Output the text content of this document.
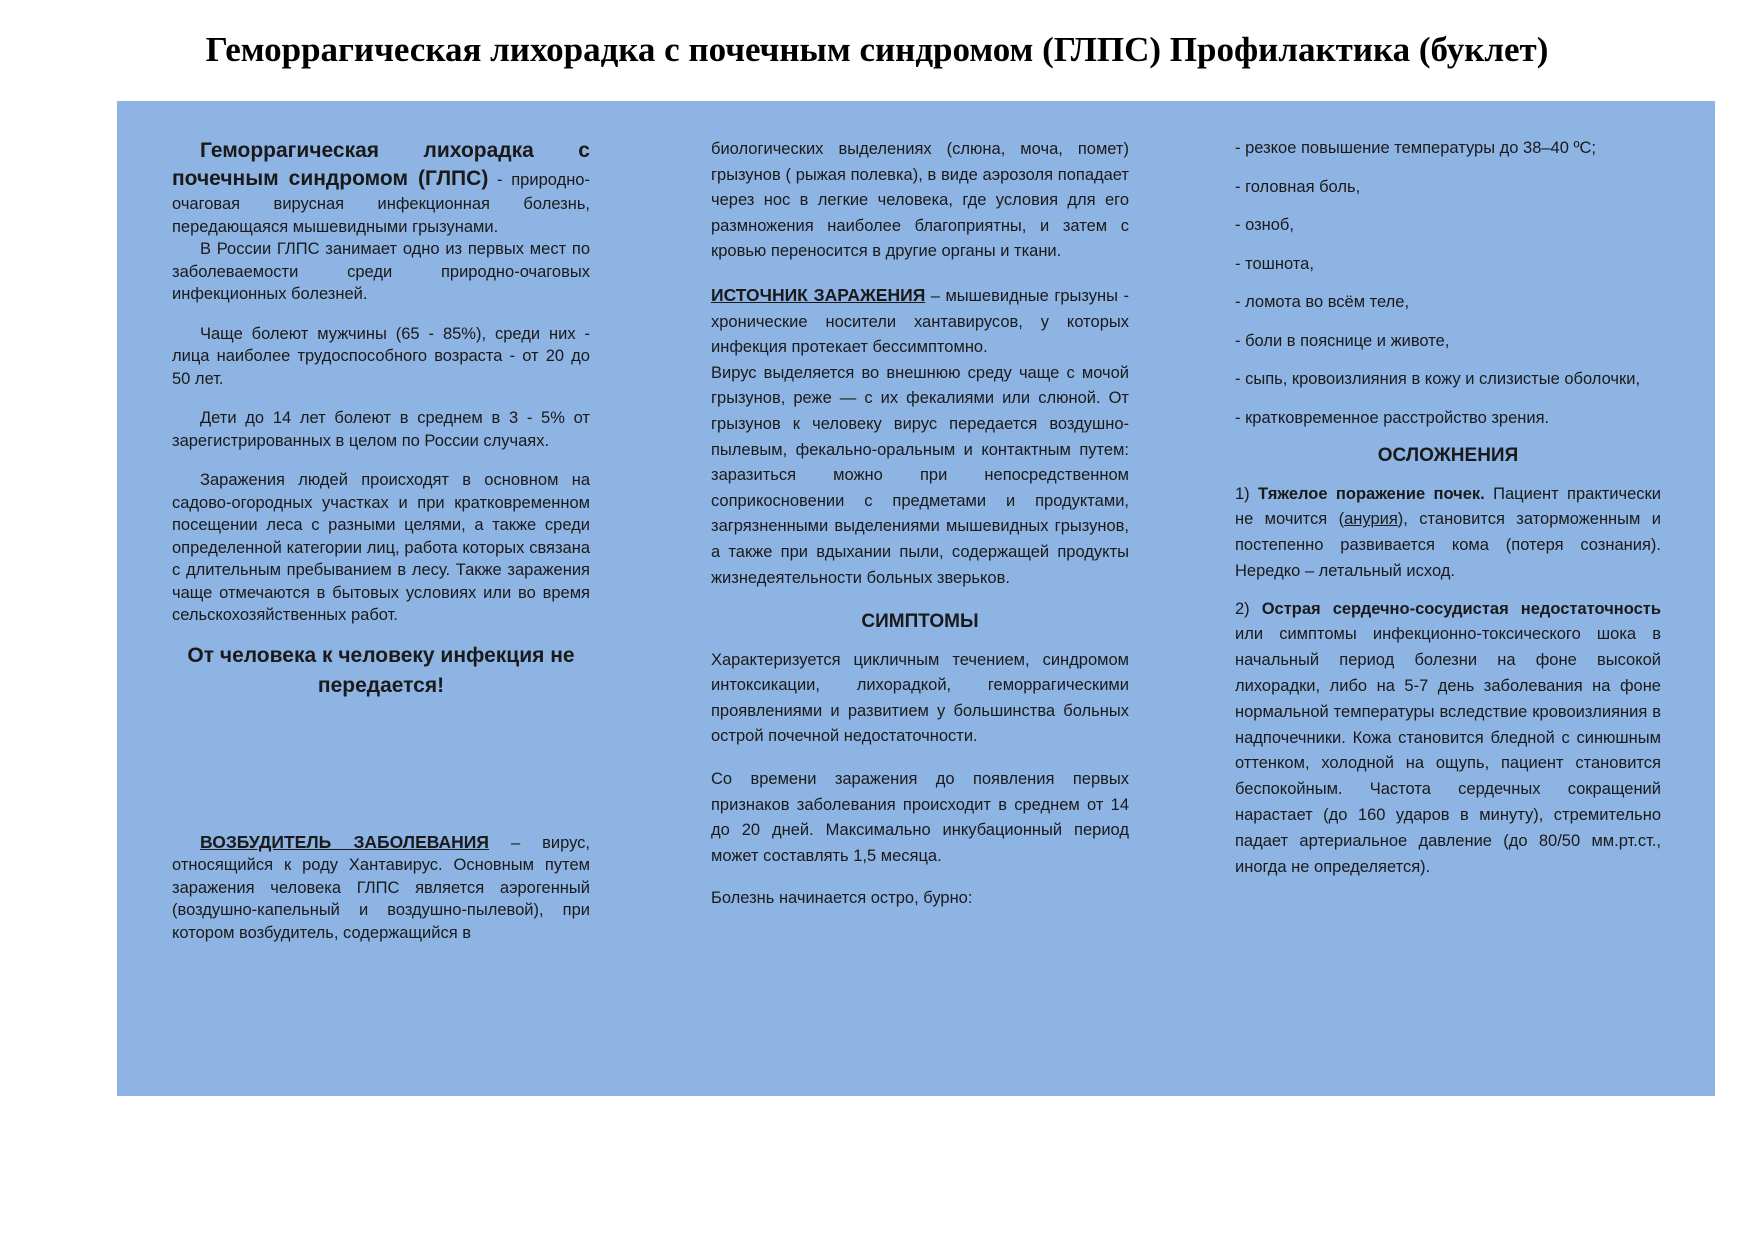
Геморрагическая лихорадка с почечным синдромом (ГЛПС) Профилактика (буклет)

Геморрагическая лихорадка с почечным синдромом (ГЛПС) - природно-очаговая вирусная инфекционная болезнь, передающаяся мышевидными грызунами.

В России ГЛПС занимает одно из первых мест по заболеваемости среди природно-очаговых инфекционных болезней.

Чаще болеют мужчины (65 - 85%), среди них - лица наиболее трудоспособного возраста - от 20 до 50 лет.

Дети до 14 лет болеют в среднем в 3 - 5% от зарегистрированных в целом по России случаях.

Заражения людей происходят в основном на садово-огородных участках и при кратковременном посещении леса с разными целями, а также среди определенной категории лиц, работа которых связана с длительным пребыванием в лесу. Также заражения чаще отмечаются в бытовых условиях или во время сельскохозяйственных работ.

От человека к человеку инфекция не передается!

ВОЗБУДИТЕЛЬ ЗАБОЛЕВАНИЯ – вирус, относящийся к роду Хантавирус. Основным путем заражения человека ГЛПС является аэрогенный (воздушно-капельный и воздушно-пылевой), при котором возбудитель, содержащийся в

биологических выделениях (слюна, моча, помет) грызунов ( рыжая полевка), в виде аэрозоля попадает через нос в легкие человека, где условия для его размножения наиболее благоприятны, и затем с кровью переносится в другие органы и ткани.

ИСТОЧНИК ЗАРАЖЕНИЯ – мышевидные грызуны - хронические носители хантавирусов, у которых инфекция протекает бессимптомно.

Вирус выделяется во внешнюю среду чаще с мочой грызунов, реже — с их фекалиями или слюной. От грызунов к человеку вирус передается воздушно-пылевым, фекально-оральным и контактным путем: заразиться можно при непосредственном соприкосновении с предметами и продуктами, загрязненными выделениями мышевидных грызунов, а также при вдыхании пыли, содержащей продукты жизнедеятельности больных зверьков.

СИМПТОМЫ

Характеризуется цикличным течением, синдромом интоксикации, лихорадкой, геморрагическими проявлениями и развитием у большинства больных острой почечной недостаточности.

Со времени заражения до появления первых признаков заболевания происходит в среднем от 14 до 20 дней. Максимально инкубационный период может составлять 1,5 месяца.

Болезнь начинается остро, бурно:

- резкое повышение температуры до 38–40 ºС;

- головная боль,

- озноб,

- тошнота,

- ломота во всём теле,

- боли в пояснице и животе,

- сыпь, кровоизлияния в кожу и слизистые оболочки,

- кратковременное расстройство зрения.

ОСЛОЖНЕНИЯ

1) Тяжелое поражение почек. Пациент практически не мочится (анурия), становится заторможенным и постепенно развивается кома (потеря сознания). Нередко – летальный исход.

2) Острая сердечно-сосудистая недостаточность или симптомы инфекционно-токсического шока в начальный период болезни на фоне высокой лихорадки, либо на 5-7 день заболевания на фоне нормальной температуры вследствие кровоизлияния в надпочечники. Кожа становится бледной с синюшным оттенком, холодной на ощупь, пациент становится беспокойным. Частота сердечных сокращений нарастает (до 160 ударов в минуту), стремительно падает артериальное давление (до 80/50 мм.рт.ст., иногда не определяется).
